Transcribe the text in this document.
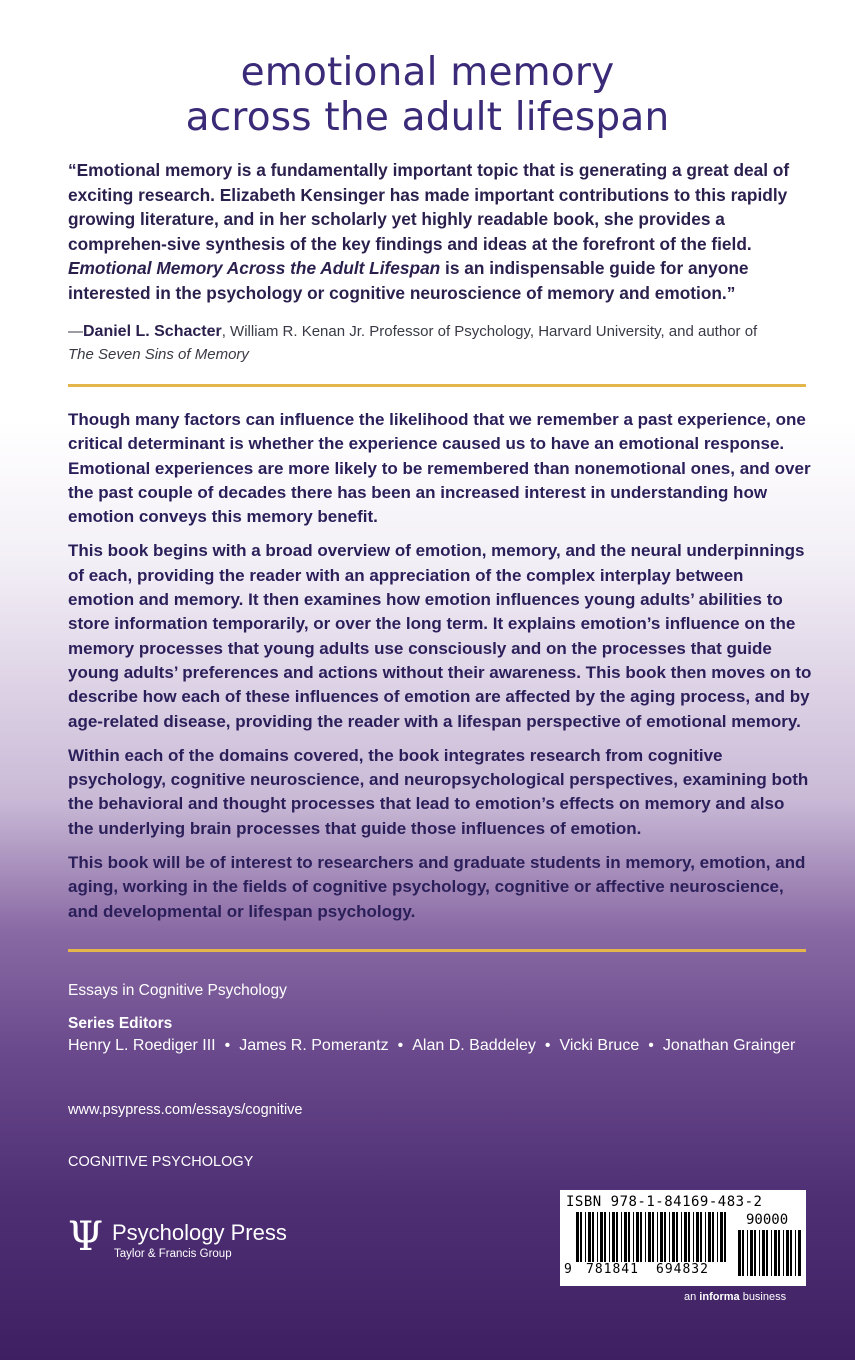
emotional memory
across the adult lifespan
“Emotional memory is a fundamentally important topic that is generating a great deal of exciting research. Elizabeth Kensinger has made important contributions to this rapidly growing literature, and in her scholarly yet highly readable book, she provides a comprehen-sive synthesis of the key findings and ideas at the forefront of the field. Emotional Memory Across the Adult Lifespan is an indispensable guide for anyone interested in the psychology or cognitive neuroscience of memory and emotion.”
—Daniel L. Schacter, William R. Kenan Jr. Professor of Psychology, Harvard University, and author of
The Seven Sins of Memory

Though many factors can influence the likelihood that we remember a past experience, one critical determinant is whether the experience caused us to have an emotional response. Emotional experiences are more likely to be remembered than nonemotional ones, and over the past couple of decades there has been an increased interest in understanding how emotion conveys this memory benefit.

This book begins with a broad overview of emotion, memory, and the neural underpinnings of each, providing the reader with an appreciation of the complex interplay between emotion and memory. It then examines how emotion influences young adults’ abilities to store information temporarily, or over the long term. It explains emotion’s influence on the memory processes that young adults use consciously and on the processes that guide young adults’ preferences and actions without their awareness. This book then moves on to describe how each of these influences of emotion are affected by the aging process, and by age-related disease, providing the reader with a lifespan perspective of emotional memory.

Within each of the domains covered, the book integrates research from cognitive psychology, cognitive neuroscience, and neuropsychological perspectives, examining both the behavioral and thought processes that lead to emotion’s effects on memory and also the underlying brain processes that guide those influences of emotion.

This book will be of interest to researchers and graduate students in memory, emotion, and aging, working in the fields of cognitive psychology, cognitive or affective neuroscience, and developmental or lifespan psychology.

Essays in Cognitive Psychology
Series Editors
Henry L. Roediger III • James R. Pomerantz • Alan D. Baddeley • Vicki Bruce • Jonathan Grainger
www.psypress.com/essays/cognitive
COGNITIVE PSYCHOLOGY
Ψ Psychology Press
Taylor & Francis Group
ISBN 978-1-84169-483-2
90000
9 781841 694832
an informa business
